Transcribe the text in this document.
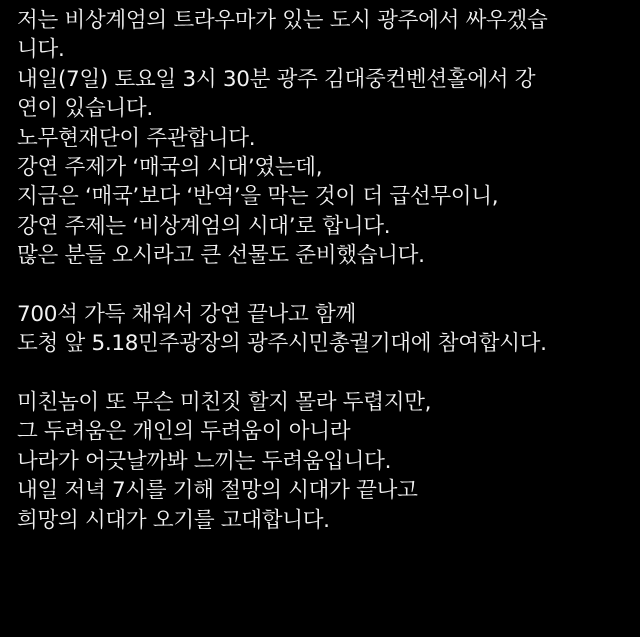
저는 비상계엄의 트라우마가 있는 도시 광주에서 싸우겠습
니다.
내일(7일) 토요일 3시 30분 광주 김대중컨벤션홀에서 강
연이 있습니다.
노무현재단이 주관합니다.
강연 주제가 ‘매국의 시대’였는데,
지금은 ‘매국’보다 ‘반역’을 막는 것이 더 급선무이니,
강연 주제는 ‘비상계엄의 시대’로 합니다.
많은 분들 오시라고 큰 선물도 준비했습니다.
700석 가득 채워서 강연 끝나고 함께
도청 앞 5.18민주광장의 광주시민총궐기대에 참여합시다.
미친놈이 또 무슨 미친짓 할지 몰라 두렵지만,
그 두려움은 개인의 두려움이 아니라
나라가 어긋날까봐 느끼는 두려움입니다.
내일 저녁 7시를 기해 절망의 시대가 끝나고
희망의 시대가 오기를 고대합니다.
